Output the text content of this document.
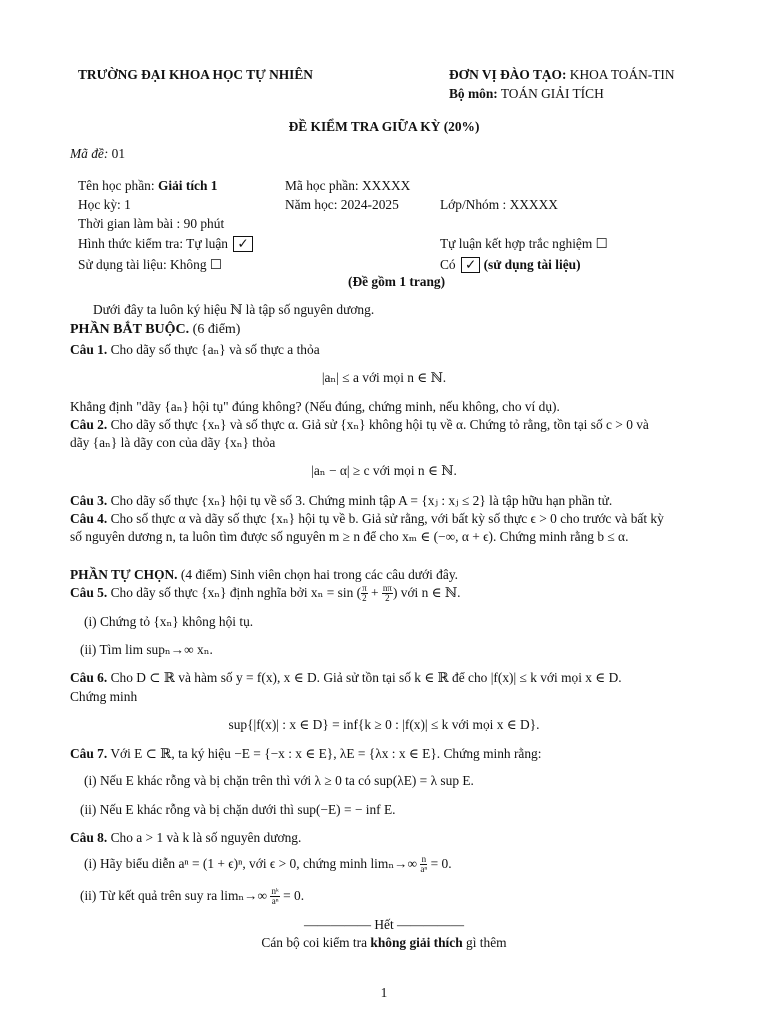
TRƯỜNG ĐẠI KHOA HỌC TỰ NHIÊN	ĐƠN VỊ ĐÀO TẠO: KHOA TOÁN-TIN
Bộ môn: TOÁN GIẢI TÍCH
ĐỀ KIỂM TRA GIỮA KỲ (20%)
Mã đề: 01
Tên học phần: Giải tích 1	Mã học phần: XXXXX
Học kỳ: 1	Năm học: 2024-2025	Lớp/Nhóm : XXXXX
Thời gian làm bài : 90 phút
Hình thức kiểm tra: Tự luận ✓	Tự luận kết hợp trắc nghiệm ☐
Sử dụng tài liệu: Không ☐	Có ✓ (sử dụng tài liệu)
(Đề gồm 1 trang)
Dưới đây ta luôn ký hiệu ℕ là tập số nguyên dương.
PHẦN BẮT BUỘC. (6 điểm)
Câu 1. Cho dãy số thực {aₙ} và số thực a thỏa
|aₙ| ≤ a với mọi n ∈ ℕ.
Khẳng định "dãy {aₙ} hội tụ" đúng không? (Nếu đúng, chứng minh, nếu không, cho ví dụ).
Câu 2. Cho dãy số thực {xₙ} và số thực α. Giả sử {xₙ} không hội tụ về α. Chứng tỏ rằng, tồn tại số c > 0 và
dãy {aₙ} là dãy con của dãy {xₙ} thỏa
|aₙ − α| ≥ c với mọi n ∈ ℕ.
Câu 3. Cho dãy số thực {xₙ} hội tụ về số 3. Chứng minh tập A = {xⱼ : xⱼ ≤ 2} là tập hữu hạn phần tử.
Câu 4. Cho số thực α và dãy số thực {xₙ} hội tụ về b. Giả sử rằng, với bất kỳ số thực ϵ > 0 cho trước và bất kỳ
số nguyên dương n, ta luôn tìm được số nguyên m ≥ n để cho xₘ ∈ (−∞, α + ϵ). Chứng minh rằng b ≤ α.
PHẦN TỰ CHỌN. (4 điểm) Sinh viên chọn hai trong các câu dưới đây.
Câu 5. Cho dãy số thực {xₙ} định nghĩa bởi xₙ = sin ( $\frac{\pi}{2} + \frac{n\pi}{2}$ ) với n ∈ ℕ.
(i) Chứng tỏ {xₙ} không hội tụ.
(ii) Tìm lim supₙ→∞ xₙ.
Câu 6. Cho D ⊂ ℝ và hàm số y = f(x), x ∈ D. Giả sử tồn tại số k ∈ ℝ để cho |f(x)| ≤ k với mọi x ∈ D.
Chứng minh
sup{|f(x)| : x ∈ D} = inf{k ≥ 0 : |f(x)| ≤ k với mọi x ∈ D}.
Câu 7. Với E ⊂ ℝ, ta ký hiệu −E = {−x : x ∈ E}, λE = {λx : x ∈ E}. Chứng minh rằng:
(i) Nếu E khác rỗng và bị chặn trên thì với λ ≥ 0 ta có sup(λE) = λ sup E.
(ii) Nếu E khác rỗng và bị chặn dưới thì sup(−E) = − inf E.
Câu 8. Cho a > 1 và k là số nguyên dương.
(i) Hãy biểu diễn aⁿ = (1 + ϵ)ⁿ, với ϵ > 0, chứng minh $\lim_n\to\infty \frac{n}{\text{aⁿ}} = 0$.
(ii) Từ kết quả trên suy ra $\lim_n\to\infty \frac{\text{nᵏ}}{\text{aⁿ}} = 0$.
————— Hết —————
Cán bộ coi kiểm tra không giải thích gì thêm
1
